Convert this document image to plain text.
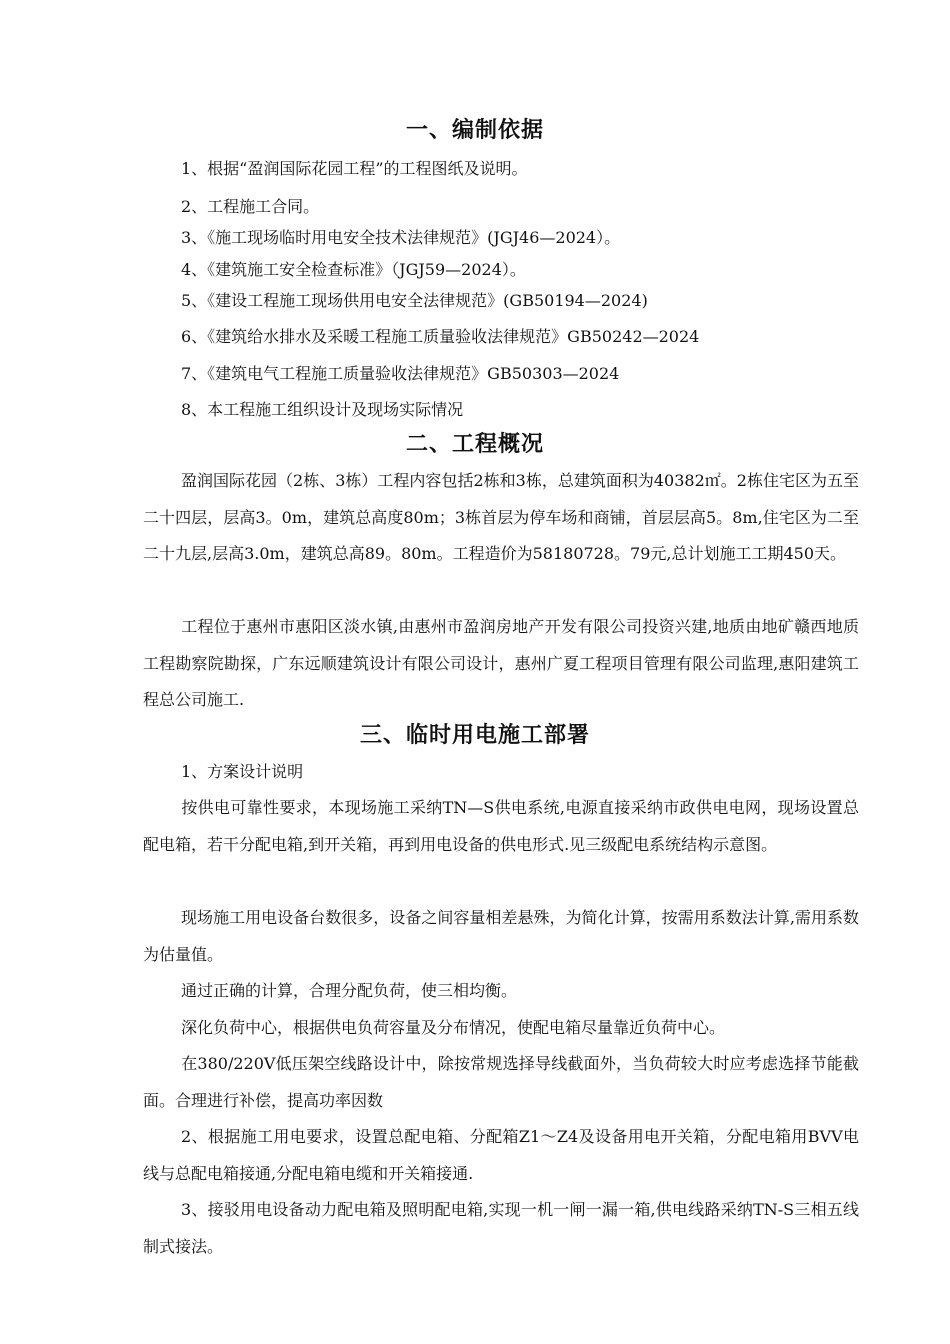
一、编制依据
1、根据“盈润国际花园工程”的工程图纸及说明。
2、工程施工合同。
3、《施工现场临时用电安全技术法律规范》(JGJ46—2024）。
4、《建筑施工安全检查标准》（JGJ59—2024）。
5、《建设工程施工现场供用电安全法律规范》(GB50194—2024)
6、《建筑给水排水及采暖工程施工质量验收法律规范》GB50242—2024
7、《建筑电气工程施工质量验收法律规范》GB50303—2024
8、本工程施工组织设计及现场实际情况
二、工程概况
盈润国际花园（2栋、3栋）工程内容包括2栋和3栋，总建筑面积为40382㎡。2栋住宅区为五至二十四层，层高3。0m，建筑总高度80m；3栋首层为停车场和商铺，首层层高5。8m,住宅区为二至二十九层,层高3.0m，建筑总高89。80m。工程造价为58180728。79元,总计划施工工期450天。
工程位于惠州市惠阳区淡水镇,由惠州市盈润房地产开发有限公司投资兴建,地质由地矿赣西地质工程勘察院勘探，广东远顺建筑设计有限公司设计，惠州广夏工程项目管理有限公司监理,惠阳建筑工程总公司施工.
三、临时用电施工部署
1、方案设计说明
按供电可靠性要求，本现场施工采纳TN—S供电系统,电源直接采纳市政供电电网，现场设置总配电箱，若干分配电箱,到开关箱，再到用电设备的供电形式.见三级配电系统结构示意图。
现场施工用电设备台数很多，设备之间容量相差悬殊，为简化计算，按需用系数法计算,需用系数为估量值。
通过正确的计算，合理分配负荷，使三相均衡。
深化负荷中心，根据供电负荷容量及分布情况，使配电箱尽量靠近负荷中心。
在380/220V低压架空线路设计中，除按常规选择导线截面外，当负荷较大时应考虑选择节能截面。合理进行补偿，提高功率因数
2、根据施工用电要求，设置总配电箱、分配箱Z1～Z4及设备用电开关箱，分配电箱用BVV电线与总配电箱接通,分配电箱电缆和开关箱接通.
3、接驳用电设备动力配电箱及照明配电箱,实现一机一闸一漏一箱,供电线路采纳TN-S三相五线制式接法。
